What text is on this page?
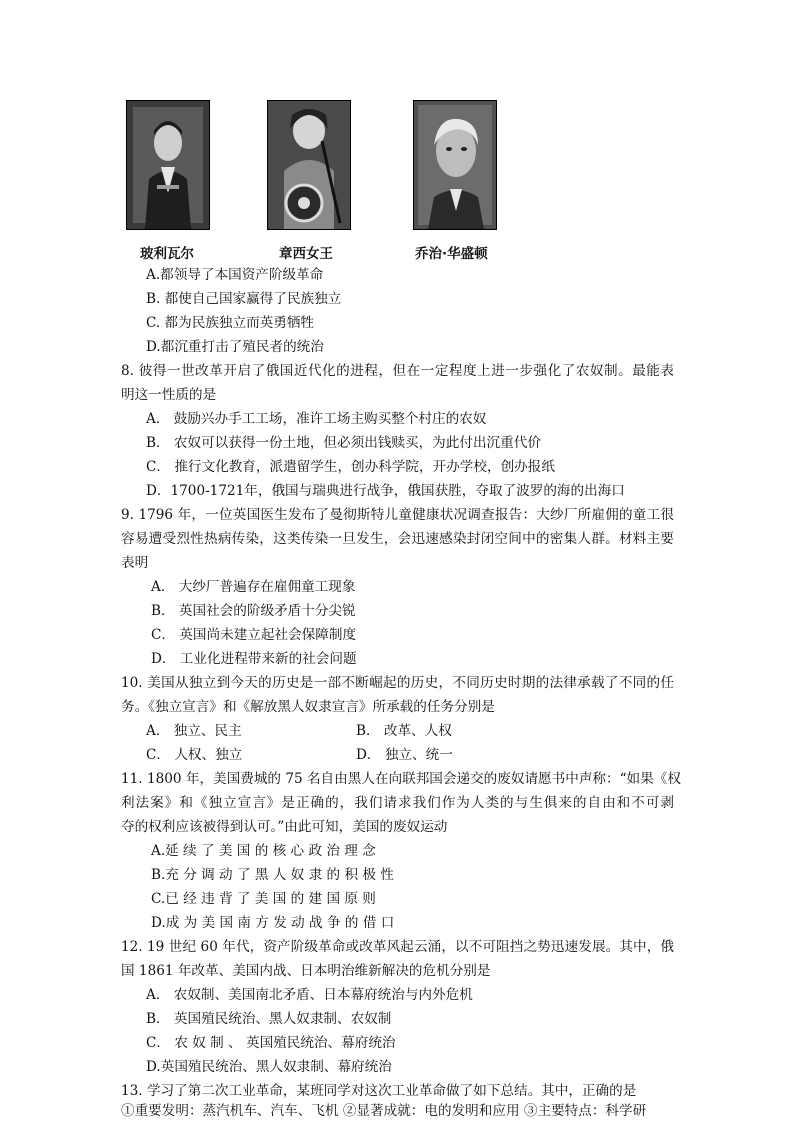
玻利瓦尔	章西女王	乔治·华盛顿
A.都领导了本国资产阶级革命
B. 都使自己国家赢得了民族独立
C. 都为民族独立而英勇牺牲
D.都沉重打击了殖民者的统治
8. 彼得一世改革开启了俄国近代化的进程，但在一定程度上进一步强化了农奴制。最能表
明这一性质的是
A． 鼓励兴办手工工场，准许工场主购买整个村庄的农奴
B． 农奴可以获得一份土地，但必须出钱赎买，为此付出沉重代价
C． 推行文化教育，派遣留学生，创办科学院，开办学校，创办报纸
D．1700-1721年，俄国与瑞典进行战争，俄国获胜，夺取了波罗的海的出海口
9. 1796 年，一位英国医生发布了曼彻斯特儿童健康状况调查报告：大纱厂所雇佣的童工很
容易遭受烈性热病传染，这类传染一旦发生，会迅速感染封闭空间中的密集人群。材料主要
表明
A． 大纱厂普遍存在雇佣童工现象
B． 英国社会的阶级矛盾十分尖锐
C． 英国尚未建立起社会保障制度
D． 工业化进程带来新的社会问题
10. 美国从独立到今天的历史是一部不断崛起的历史，不同历史时期的法律承载了不同的任
务。《独立宣言》和《解放黑人奴隶宣言》所承载的任务分别是
A． 独立、民主	B． 改革、人权
C． 人权、独立	D． 独立、统一
11. 1800 年，美国费城的 75 名自由黑人在向联邦国会递交的废奴请愿书中声称：“如果《权
利法案》和《独立宣言》是正确的，我们请求我们作为人类的与生俱来的自由和不可剥
夺的权利应该被得到认可。”由此可知，美国的废奴运动
A.延 续 了 美 国 的 核 心 政 治 理 念
B.充 分 调 动 了 黑 人 奴 隶 的 积 极 性
C.已 经 违 背 了 美 国 的 建 国 原 则
D.成 为 美 国 南 方 发 动 战 争 的 借 口
12. 19 世纪 60 年代，资产阶级革命或改革风起云涌，以不可阻挡之势迅速发展。其中，俄
国 1861 年改革、美国内战、日本明治维新解决的危机分别是
A． 农奴制、美国南北矛盾、日本幕府统治与内外危机
B． 英国殖民统治、黑人奴隶制、农奴制
C． 农 奴 制 、 英国殖民统治、幕府统治
D.英国殖民统治、黑人奴隶制、幕府统治
13. 学习了第二次工业革命，某班同学对这次工业革命做了如下总结。其中，正确的是
①重要发明：蒸汽机车、汽车、飞机 ②显著成就：电的发明和应用 ③主要特点：科学研
